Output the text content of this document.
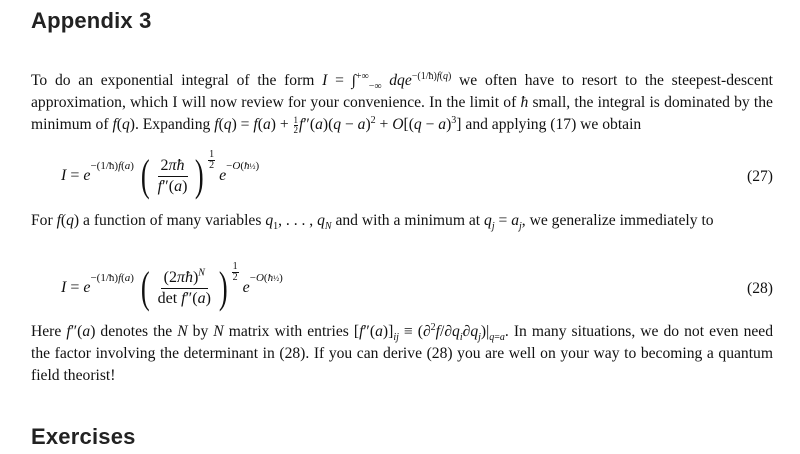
Appendix 3
To do an exponential integral of the form $I = \int^{+\infty}_{-\infty}$ dqe$^{-(1/ħ)f(q)}$ we often have to resort to the steepest-descent approximation, which I will now review for your convenience. In the limit of ħ small, the integral is dominated by the minimum of f(q). Expanding $f(q) = f(a) + \frac{1}{2} f''(a)(q - a)^2 + O[(q - a)^3]$ and applying (17) we obtain
I = e
−(1/ħ)f(a)
( $\frac{2\pi ħ}{f''(a)}$ ) 1
2

e
−O(ħ½)
(27)
For f(q) a function of many variables $q_1$, . . . , $q_N$ and with a minimum at $q_j = a_j$, we generalize immediately to
I = e
−(1/ħ)f(a)
( $\frac{(2\pi ħ)^N}{\text{det f″(a)}}$ ) 1
2

e
−O(ħ½)
(28)
Here f″(a) denotes the N by N matrix with entries $[f''(a)]_{ij} \equiv (\partial^2f/\partial q_i\partial q_j)|_{q=a}$. In many situations, we do not even need the factor involving the determinant in (28). If you can derive (28) you are well on your way to becoming a quantum field theorist!
Exercises
